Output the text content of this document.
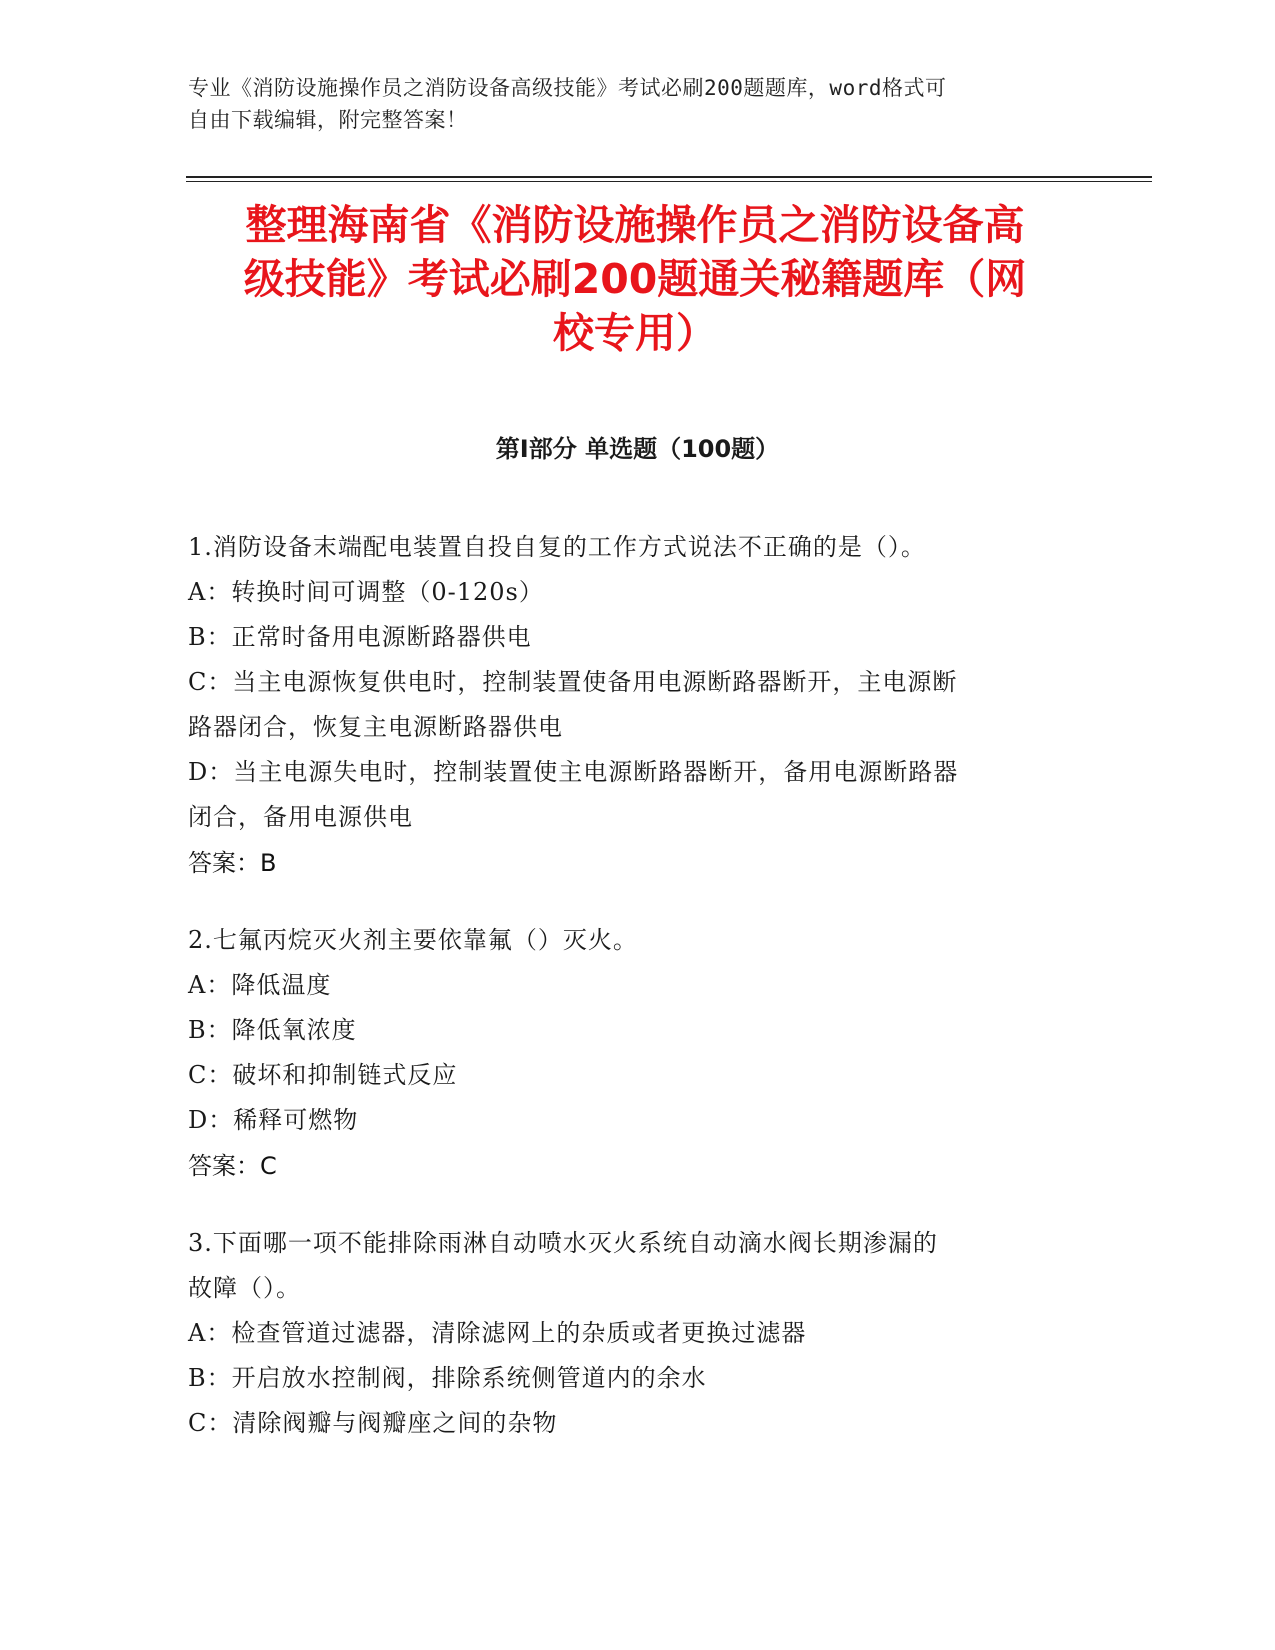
专业《消防设施操作员之消防设备高级技能》考试必刷200题题库，word格式可
自由下载编辑，附完整答案！
整理海南省《消防设施操作员之消防设备高
级技能》考试必刷200题通关秘籍题库（网
校专用）
第Ⅰ部分 单选题（100题）

1.消防设备末端配电装置自投自复的工作方式说法不正确的是（）。

A：转换时间可调整（0-120s）

B：正常时备用电源断路器供电

C：当主电源恢复供电时，控制装置使备用电源断路器断开，主电源断

路器闭合，恢复主电源断路器供电

D：当主电源失电时，控制装置使主电源断路器断开，备用电源断路器

闭合，备用电源供电

答案：B

2.七氟丙烷灭火剂主要依靠氟（）灭火。

A：降低温度

B：降低氧浓度

C：破坏和抑制链式反应

D：稀释可燃物

答案：C

3.下面哪一项不能排除雨淋自动喷水灭火系统自动滴水阀长期渗漏的

故障（）。

A：检查管道过滤器，清除滤网上的杂质或者更换过滤器

B：开启放水控制阀，排除系统侧管道内的余水

C：清除阀瓣与阀瓣座之间的杂物
